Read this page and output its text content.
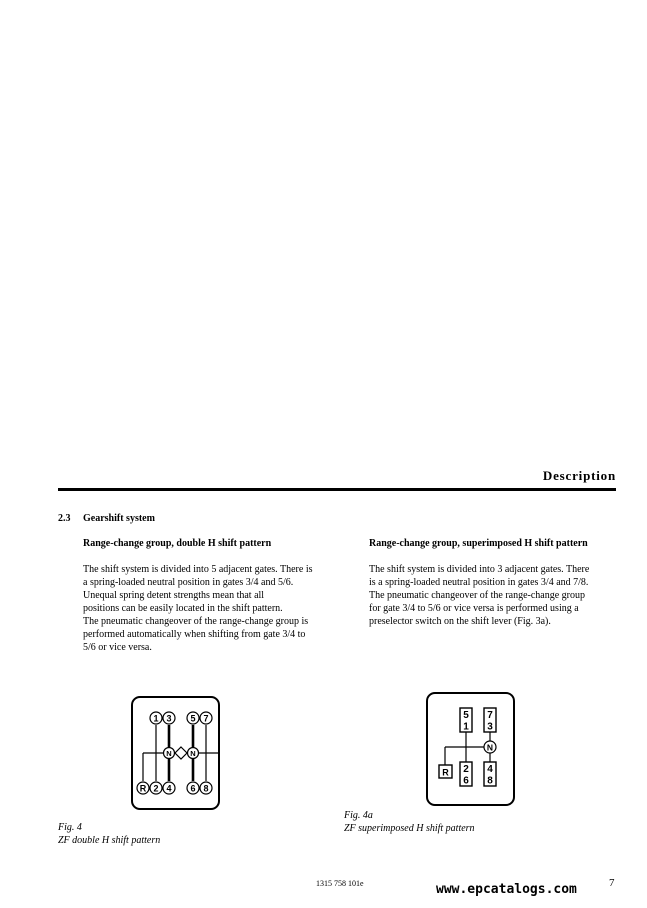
Description
2.3 Gearshift system
Range-change group, double H shift pattern
The shift system is divided into 5 adjacent gates. There is
a spring-loaded neutral position in gates 3/4 and 5/6.
Unequal spring detent strengths mean that all
positions can be easily located in the shift pattern.
The pneumatic changeover of the range-change group is
performed automatically when shifting from gate 3/4 to
5/6 or vice versa.
Range-change group, superimposed H shift pattern
The shift system is divided into 3 adjacent gates. There
is a spring-loaded neutral position in gates 3/4 and 7/8.
The pneumatic changeover of the range-change group
for gate 3/4 to 5/6 or vice versa is performed using a
preselector switch on the shift lever (Fig. 3a).
1 3 5 7
N N
R 2 4 6 8
5
1
7
3
N
R 2
6
4
8
Fig. 4
ZF double H shift pattern
Fig. 4a
ZF superimposed H shift pattern
1315 758 101e	www.epcatalogs.com	7
